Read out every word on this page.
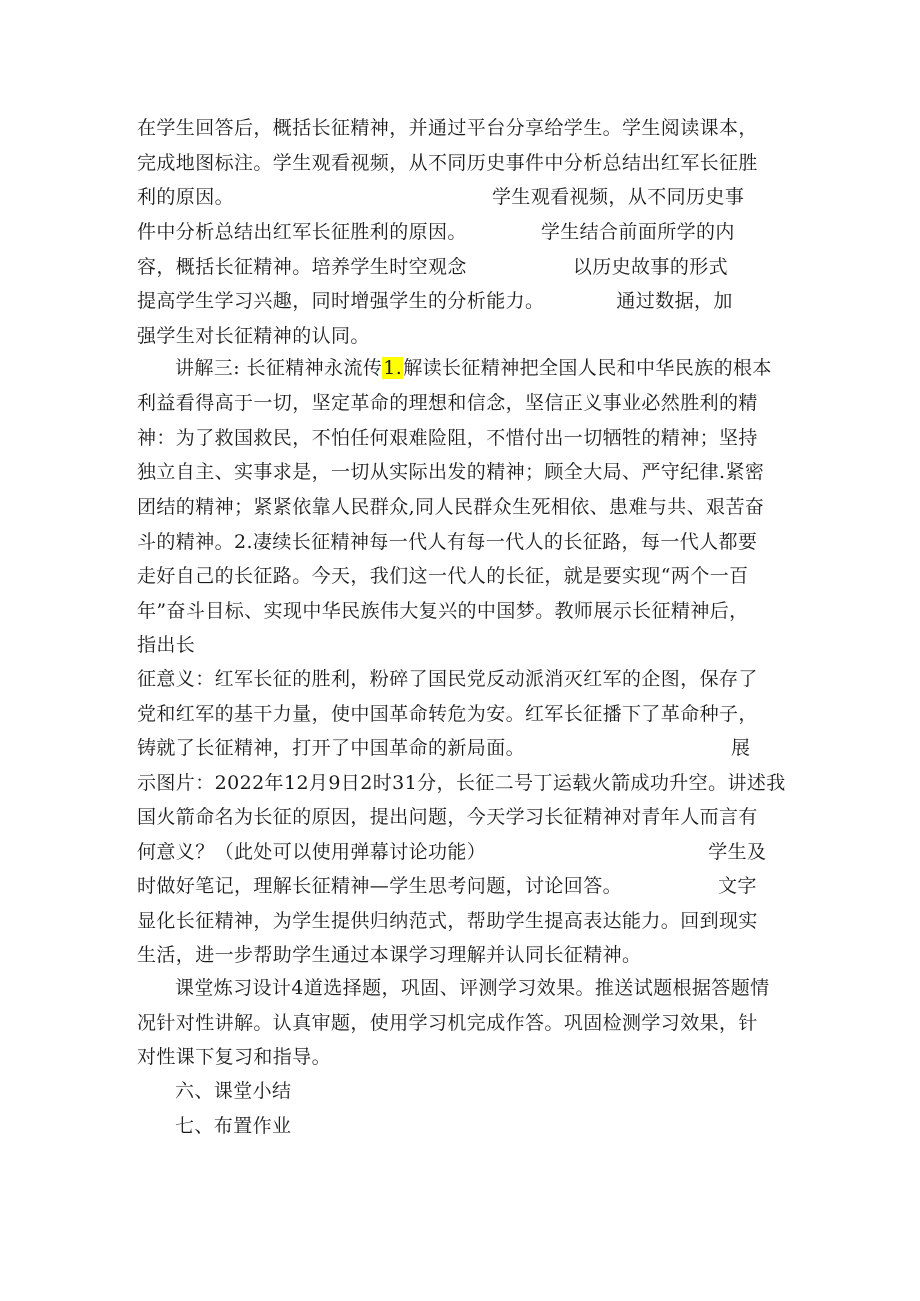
在学生回答后，概括长征精神，并通过平台分享给学生。学生阅读课本，
完成地图标注。学生观看视频，从不同历史事件中分析总结出红军长征胜
利的原因。	学生观看视频，从不同历史事
件中分析总结出红军长征胜利的原因。	学生结合前面所学的内
容，概括长征精神。培养学生时空观念	以历史故事的形式
提高学生学习兴趣，同时增强学生的分析能力。	通过数据，加
强学生对长征精神的认同。
讲解三: 长征精神永流传1.解读长征精神把全国人民和中华民族的根本
利益看得高于一切，坚定革命的理想和信念，坚信正义事业必然胜利的精
神：为了救国救民，不怕任何艰难险阻，不惜付出一切牺牲的精神；坚持
独立自主、实事求是，一切从实际出发的精神；顾全大局、严守纪律.紧密
团结的精神；紧紧依靠人民群众,同人民群众生死相依、患难与共、艰苦奋
斗的精神。2.凄续长征精神每一代人有每一代人的长征路，每一代人都要
走好自己的长征路。今天，我们这一代人的长征，就是要实现“两个一百
年”奋斗目标、实现中华民族伟大复兴的中国梦。教师展示长征精神后，
指出长
征意义：红军长征的胜利，粉碎了国民党反动派消灭红军的企图，保存了
党和红军的基干力量，使中国革命转危为安。红军长征播下了革命种子，
铸就了长征精神，打开了中国革命的新局面。	展
示图片：2022年12月9日2时31分，长征二号丁运载火箭成功升空。讲述我
国火箭命名为长征的原因，提出问题，今天学习长征精神对青年人而言有
何意义？（此处可以使用弹幕讨论功能）	学生及
时做好笔记，理解长征精神—学生思考问题，讨论回答。	文字
显化长征精神，为学生提供归纳范式，帮助学生提高表达能力。回到现实
生活，进一步帮助学生通过本课学习理解并认同长征精神。
课堂炼习设计4道选择题，巩固、评测学习效果。推送试题根据答题情
况针对性讲解。认真审题，使用学习机完成作答。巩固检测学习效果，针
对性课下复习和指导。
六、课堂小结
七、布置作业
